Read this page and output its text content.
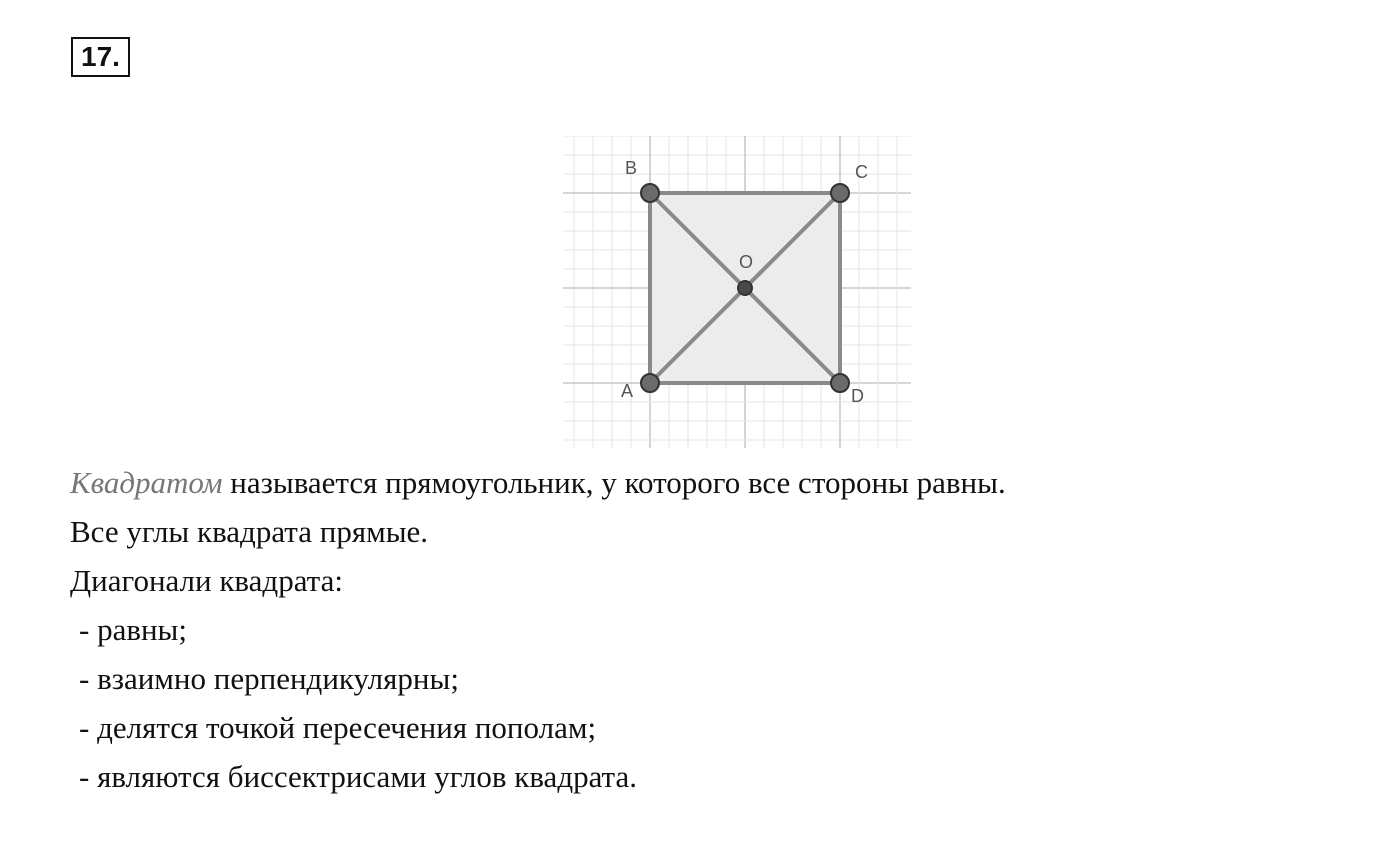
17.
B	C
O
A	D

Квадратом называется прямоугольник, у которого все стороны равны.

Все углы квадрата прямые.

Диагонали квадрата:

- равны;

- взаимно перпендикулярны;

- делятся точкой пересечения пополам;

- являются биссектрисами углов квадрата.
